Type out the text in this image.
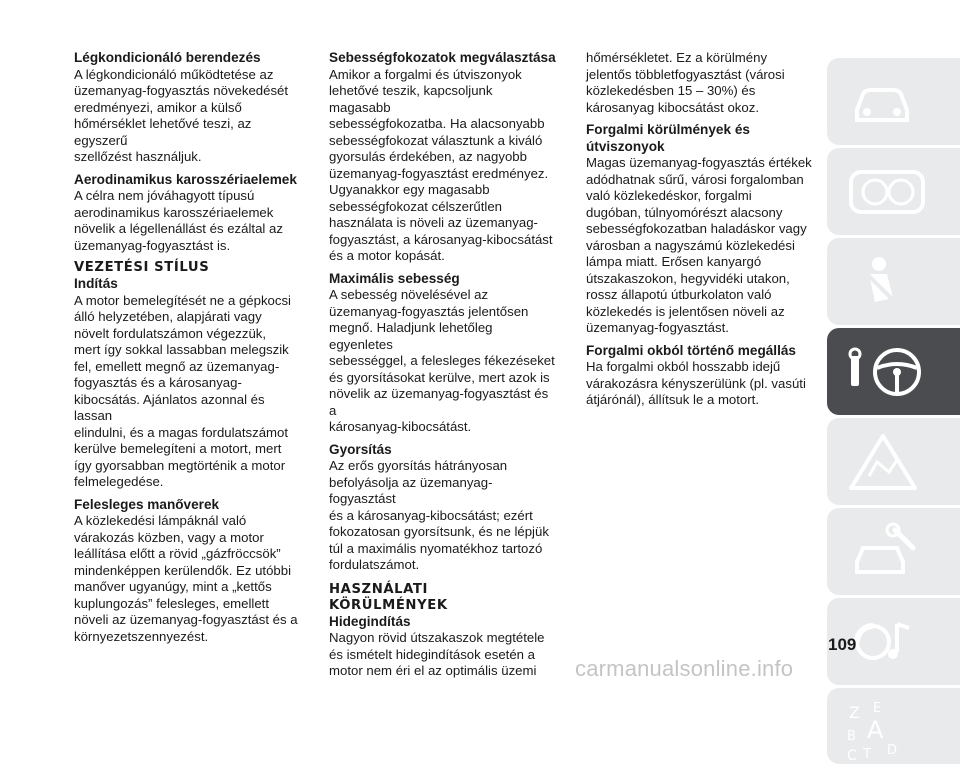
Légkondicionáló berendezés

A légkondicionáló működtetése az
üzemanyag-fogyasztás növekedését
eredményezi, amikor a külső
hőmérséklet lehetővé teszi, az egyszerű
szellőzést használjuk.

Aerodinamikus karosszériaelemek

A célra nem jóváhagyott típusú
aerodinamikus karosszériaelemek
növelik a légellenállást és ezáltal az
üzemanyag-fogyasztást is.

VEZETÉSI STÍLUS
Indítás

A motor bemelegítését ne a gépkocsi
álló helyzetében, alapjárati vagy
növelt fordulatszámon végezzük,
mert így sokkal lassabban melegszik
fel, emellett megnő az üzemanyag-
fogyasztás és a károsanyag-
kibocsátás. Ajánlatos azonnal és lassan
elindulni, és a magas fordulatszámot
kerülve bemelegíteni a motort, mert
így gyorsabban megtörténik a motor
felmelegedése.

Felesleges manőverek

A közlekedési lámpáknál való
várakozás közben, vagy a motor
leállítása előtt a rövid „gázfröccsök”
mindenképpen kerülendők. Ez utóbbi
manőver ugyanúgy, mint a „kettős
kuplungozás” felesleges, emellett
növeli az üzemanyag-fogyasztást és a
környezetszennyezést.

Sebességfokozatok megválasztása

Amikor a forgalmi és útviszonyok
lehetővé teszik, kapcsoljunk magasabb
sebességfokozatba. Ha alacsonyabb
sebességfokozat választunk a kiváló
gyorsulás érdekében, az nagyobb
üzemanyag-fogyasztást eredményez.
Ugyanakkor egy magasabb
sebességfokozat célszerűtlen
használata is növeli az üzemanyag-
fogyasztást, a károsanyag-kibocsátást
és a motor kopását.

Maximális sebesség

A sebesség növelésével az
üzemanyag-fogyasztás jelentősen
megnő. Haladjunk lehetőleg egyenletes
sebességgel, a felesleges fékezéseket
és gyorsításokat kerülve, mert azok is
növelik az üzemanyag-fogyasztást és a
károsanyag-kibocsátást.

Gyorsítás

Az erős gyorsítás hátrányosan
befolyásolja az üzemanyag-fogyasztást
és a károsanyag-kibocsátást; ezért
fokozatosan gyorsítsunk, és ne lépjük
túl a maximális nyomatékhoz tartozó
fordulatszámot.

HASZNÁLATI
KÖRÜLMÉNYEK
Hidegindítás

Nagyon rövid útszakaszok megtétele
és ismételt hidegindítások esetén a
motor nem éri el az optimális üzemi

hőmérsékletet. Ez a körülmény
jelentős többletfogyasztást (városi
közlekedésben 15 – 30%) és
károsanyag kibocsátást okoz.

Forgalmi körülmények és
útviszonyok

Magas üzemanyag-fogyasztás értékek
adódhatnak sűrű, városi forgalomban
való közlekedéskor, forgalmi
dugóban, túlnyomórészt alacsony
sebességfokozatban haladáskor vagy
városban a nagyszámú közlekedési
lámpa miatt. Erősen kanyargó
útszakaszokon, hegyvidéki utakon,
rossz állapotú útburkolaton való
közlekedés is jelentősen növeli az
üzemanyag-fogyasztást.

Forgalmi okból történő megállás

Ha forgalmi okból hosszabb idejű
várakozásra kényszerülünk (pl. vasúti
átjárónál), állítsuk le a motort.

Z E
B A
C T D
109
carmanualsonline.info
